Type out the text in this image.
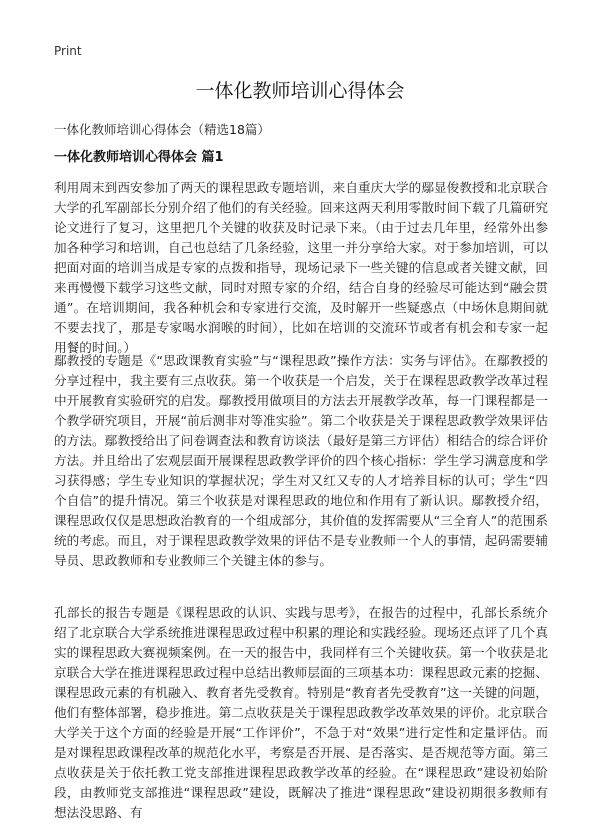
Print
一体化教师培训心得体会

一体化教师培训心得体会（精选18篇）

一体化教师培训心得体会 篇1

利用周末到西安参加了两天的课程思政专题培训，来自重庆大学的鄢显俊教授和北京联合大学的孔军副部长分别介绍了他们的有关经验。回来这两天利用零散时间下载了几篇研究论文进行了复习，这里把几个关键的收获及时记录下来。（由于过去几年里，经常外出参加各种学习和培训，自己也总结了几条经验，这里一并分享给大家。对于参加培训，可以把面对面的培训当成是专家的点拨和指导，现场记录下一些关键的信息或者关键文献，回来再慢慢下载学习这些文献，同时对照专家的介绍，结合自身的经验尽可能达到“融会贯通”。在培训期间，我各种机会和专家进行交流，及时解开一些疑惑点（中场休息期间就不要去找了，那是专家喝水润喉的时间），比如在培训的交流环节或者有机会和专家一起用餐的时间。）

鄢教授的专题是《“思政课教育实验”与“课程思政”操作方法：实务与评估》。在鄢教授的分享过程中，我主要有三点收获。第一个收获是一个启发，关于在课程思政教学改革过程中开展教育实验研究的启发。鄢教授用做项目的方法去开展教学改革，每一门课程都是一个教学研究项目，开展“前后测非对等准实验”。第二个收获是关于课程思政教学效果评估的方法。鄢教授给出了问卷调查法和教育访谈法（最好是第三方评估）相结合的综合评价方法。并且给出了宏观层面开展课程思政教学评价的四个核心指标：学生学习满意度和学习获得感；学生专业知识的掌握状况；学生对又红又专的人才培养目标的认可；学生“四个自信”的提升情况。第三个收获是对课程思政的地位和作用有了新认识。鄢教授介绍，课程思政仅仅是思想政治教育的一个组成部分，其价值的发挥需要从“三全育人”的范围系统的考虑。而且，对于课程思政教学效果的评估不是专业教师一个人的事情，起码需要辅导员、思政教师和专业教师三个关键主体的参与。

孔部长的报告专题是《课程思政的认识、实践与思考》，在报告的过程中，孔部长系统介绍了北京联合大学系统推进课程思政过程中积累的理论和实践经验。现场还点评了几个真实的课程思政大赛视频案例。在一天的报告中，我同样有三个关键收获。第一个收获是北京联合大学在推进课程思政过程中总结出教师层面的三项基本功：课程思政元素的挖掘、课程思政元素的有机融入、教育者先受教育。特别是“教育者先受教育”这一关键的问题，他们有整体部署，稳步推进。第二点收获是关于课程思政教学改革效果的评价。北京联合大学关于这个方面的经验是开展“工作评价”，不急于对“效果”进行定性和定量评估。而是对课程思政课程改革的规范化水平，考察是否开展、是否落实、是否规范等方面。第三点收获是关于依托教工党支部推进课程思政教学改革的经验。在“课程思政”建设初始阶段，由教师党支部推进“课程思政”建设，既解决了推进“课程思政”建设初期很多教师有想法没思路、有
